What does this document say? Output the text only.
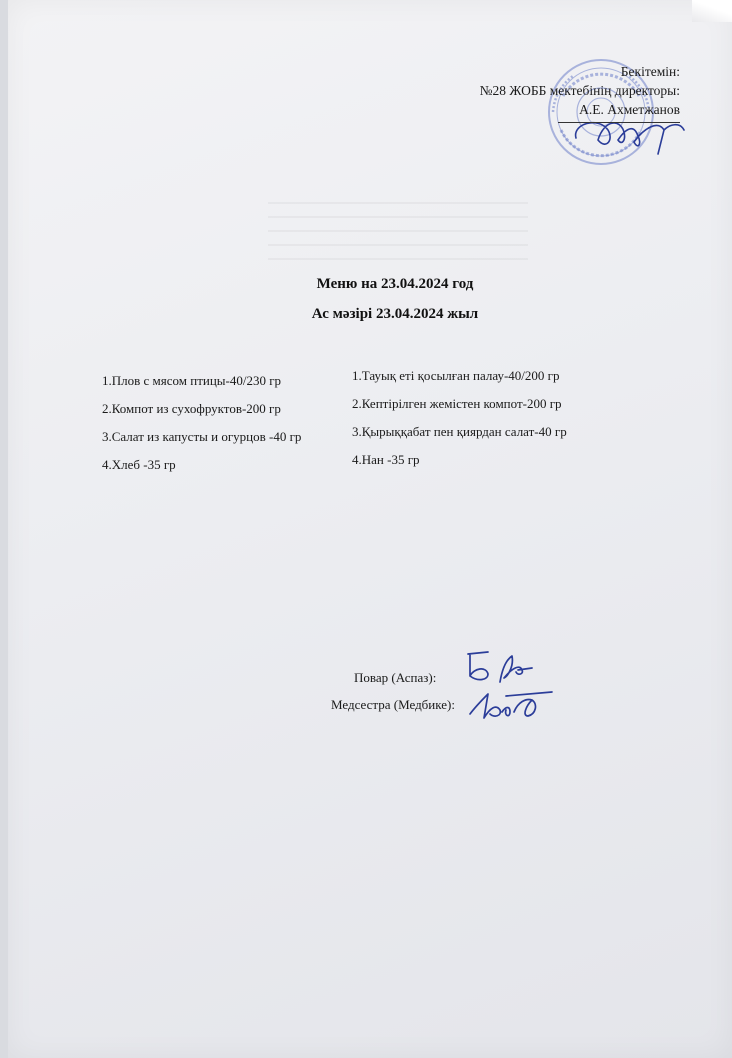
Бекітемін:
№28 ЖОББ мектебінің директоры:
А.Е. Ахметжанов
Меню на 23.04.2024 год
Ас мәзірі 23.04.2024 жыл
1.Плов с мясом птицы-40/230 гр
2.Компот из сухофруктов-200 гр
3.Салат из капусты и огурцов -40 гр
4.Хлеб -35 гр
1.Тауық еті қосылған палау-40/200 гр
2.Кептірілген жемістен компот-200 гр
3.Қырыққабат пен қиярдан салат-40 гр
4.Нан -35 гр
Повар (Аспаз):
Медсестра (Медбике):
